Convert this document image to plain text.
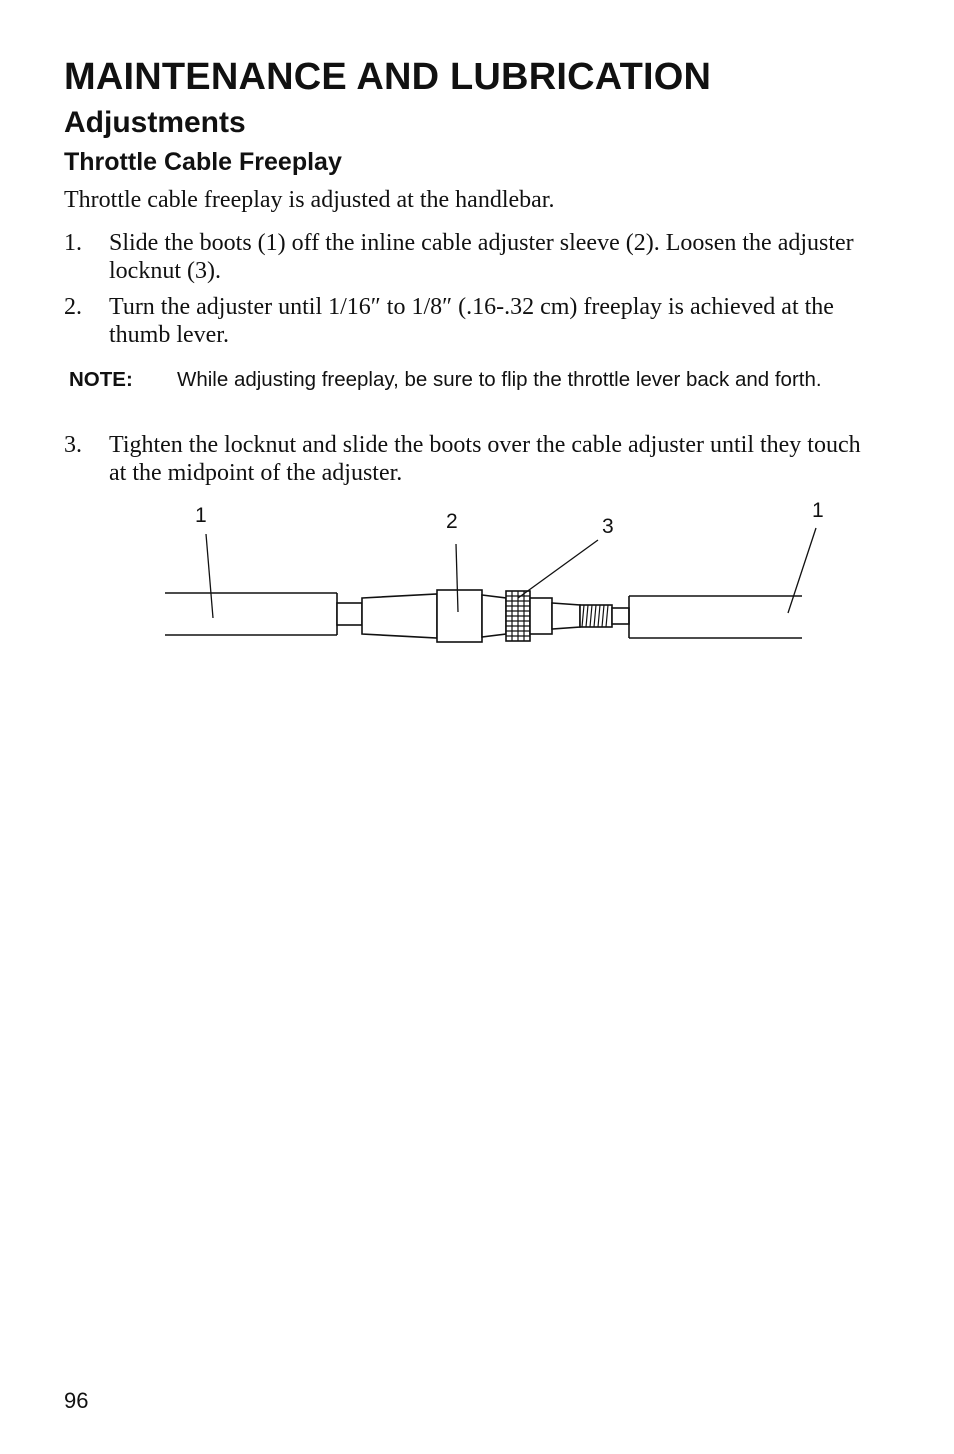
MAINTENANCE AND LUBRICATION
Adjustments
Throttle Cable Freeplay

Throttle cable freeplay is adjusted at the handlebar.

1. Slide the boots (1) off the inline cable adjuster sleeve (2). Loosen the adjuster locknut (3).
2. Turn the adjuster until 1/16″ to 1/8″ (.16-.32 cm) freeplay is achieved at the thumb lever.
NOTE: While adjusting freeplay, be sure to flip the throttle lever back and forth.
3. Tighten the locknut and slide the boots over the cable adjuster until they touch at the midpoint of the adjuster.
1	2	3
1
96
